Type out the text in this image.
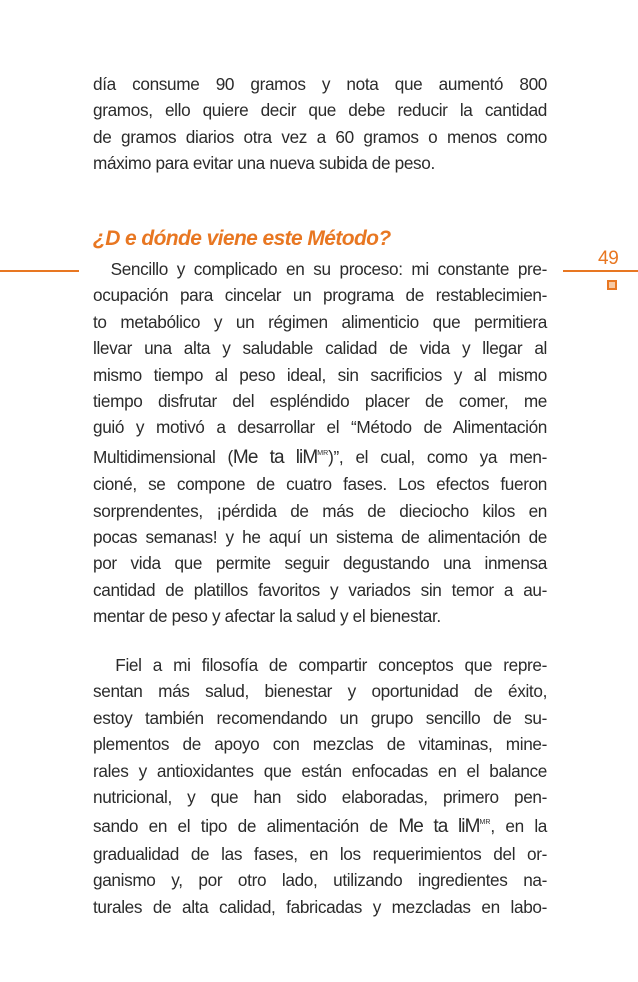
49
día consume 90 gramos y nota que aumentó 800
gramos, ello quiere decir que debe reducir la cantidad
de gramos diarios otra vez a 60 gramos o menos como
máximo para evitar una nueva subida de peso.
¿D e dónde viene este Método?
Sencillo y complicado en su proceso: mi constante pre-
ocupación para cincelar un programa de restablecimien-
to metabólico y un régimen alimenticio que permitiera
llevar una alta y saludable calidad de vida y llegar al
mismo tiempo al peso ideal, sin sacrificios y al mismo
tiempo disfrutar del espléndido placer de comer, me
guió y motivó a desarrollar el “Método de Alimentación
Multidimensional (Me ta liM$^{MR}$)”, el cual, como ya men-
cioné, se compone de cuatro fases. Los efectos fueron
sorprendentes, ¡pérdida de más de dieciocho kilos en
pocas semanas! y he aquí un sistema de alimentación de
por vida que permite seguir degustando una inmensa
cantidad de platillos favoritos y variados sin temor a au-
mentar de peso y afectar la salud y el bienestar.
Fiel a mi filosofía de compartir conceptos que repre-
sentan más salud, bienestar y oportunidad de éxito,
estoy también recomendando un grupo sencillo de su-
plementos de apoyo con mezclas de vitaminas, mine-
rales y antioxidantes que están enfocadas en el balance
nutricional, y que han sido elaboradas, primero pen-
sando en el tipo de alimentación de Me ta liM$^{MR}$, en la
gradualidad de las fases, en los requerimientos del or-
ganismo y, por otro lado, utilizando ingredientes na-
turales de alta calidad, fabricadas y mezcladas en labo-
